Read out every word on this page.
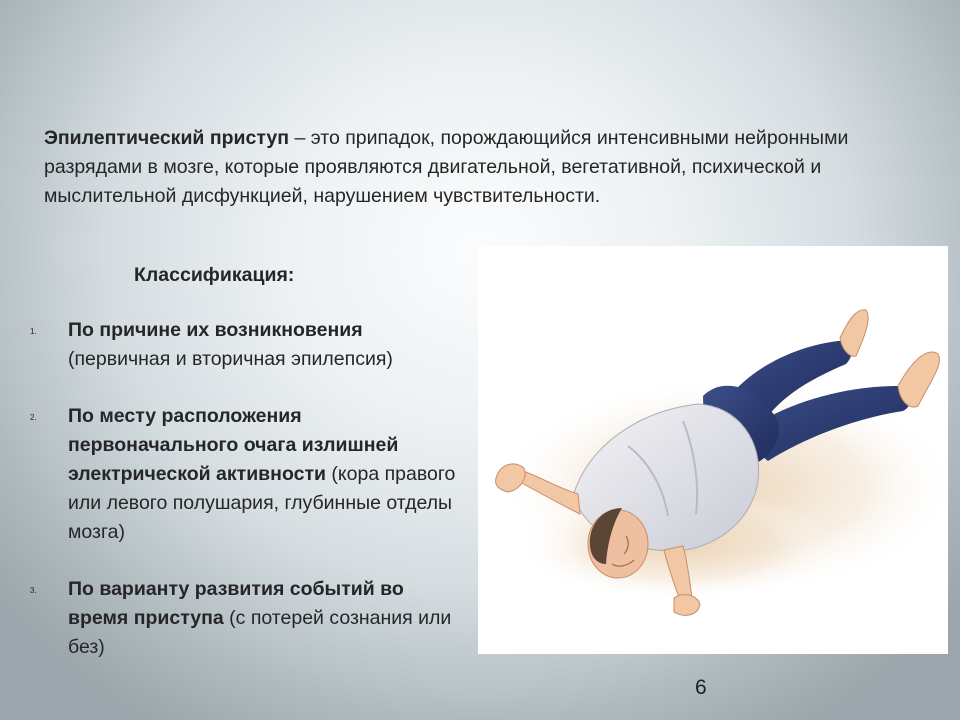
Эпилептический приступ – это припадок, порождающийся интенсивными нейронными разрядами в мозге, которые проявляются двигательной, вегетативной, психической и мыслительной дисфункцией, нарушением чувствительности.

Классификация:

1. По причине их возникновения
(первичная и вторичная эпилепсия)
2. По месту расположения первоначального очага излишней электрической активности (кора правого или левого полушария, глубинные отделы мозга)
3. По варианту развития событий во время приступа (с потерей сознания или без)
6
